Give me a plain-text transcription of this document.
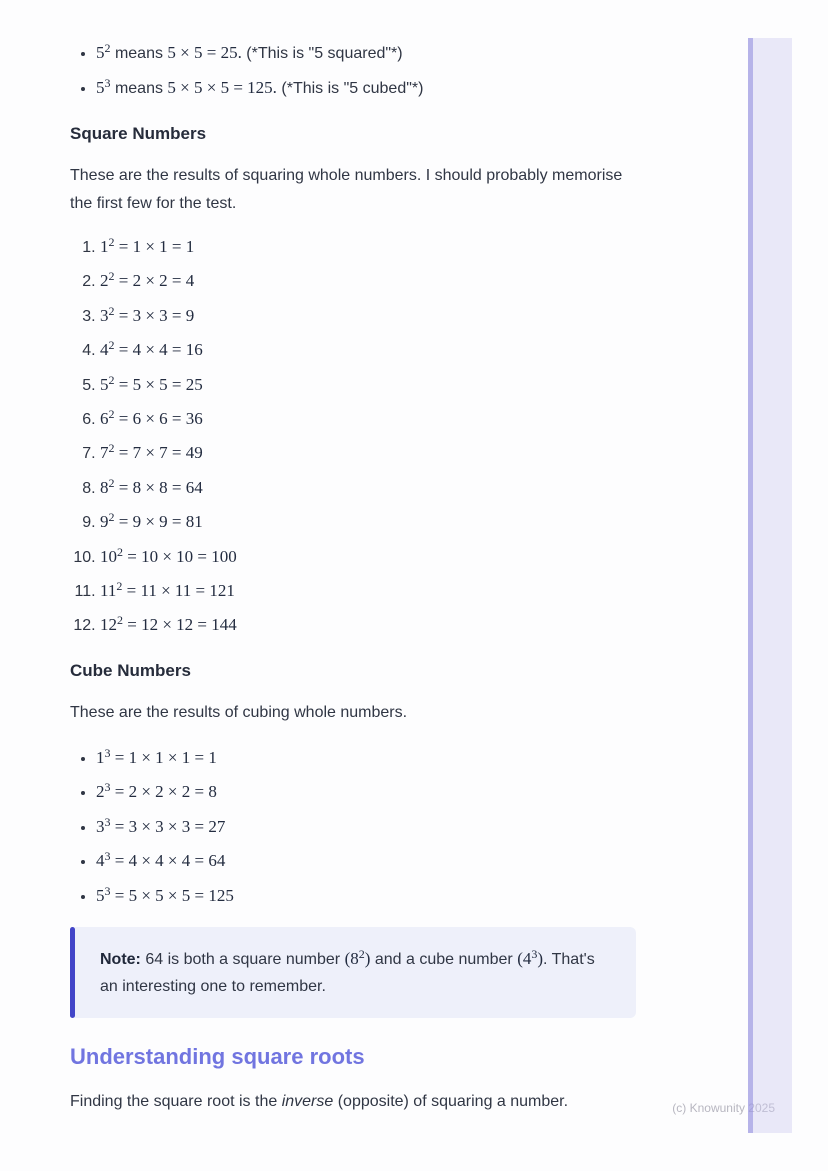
• $5^2$ means 5 × 5 = 25. (*This is "5 squared"*)
• $5^3$ means 5 × 5 × 5 = 125. (*This is "5 cubed"*)
Square Numbers

These are the results of squaring whole numbers. I should probably memorise the first few for the test.

1. $1^2 = 1 \times 1 = 1$
2. $2^2 = 2 \times 2 = 4$
3. $3^2 = 3 \times 3 = 9$
4. $4^2 = 4 \times 4 = 16$
5. $5^2 = 5 \times 5 = 25$
6. $6^2 = 6 \times 6 = 36$
7. $7^2 = 7 \times 7 = 49$
8. $8^2 = 8 \times 8 = 64$
9. $9^2 = 9 \times 9 = 81$
10. $10^2 = 10 \times 10 = 100$
11. $11^2 = 11 \times 11 = 121$
12. $12^2 = 12 \times 12 = 144$
Cube Numbers

These are the results of cubing whole numbers.

• $1^3 = 1 \times 1 \times 1 = 1$
• $2^3 = 2 \times 2 \times 2 = 8$
• $3^3 = 3 \times 3 \times 3 = 27$
• $4^3 = 4 \times 4 \times 4 = 64$
• $5^3 = 5 \times 5 \times 5 = 125$

Note: 64 is both a square number $(8^2)$ and a cube number $(4^3)$. That's an interesting one to remember.

Understanding square roots

Finding the square root is the inverse (opposite) of squaring a number.	(c) Knowunity 2025
